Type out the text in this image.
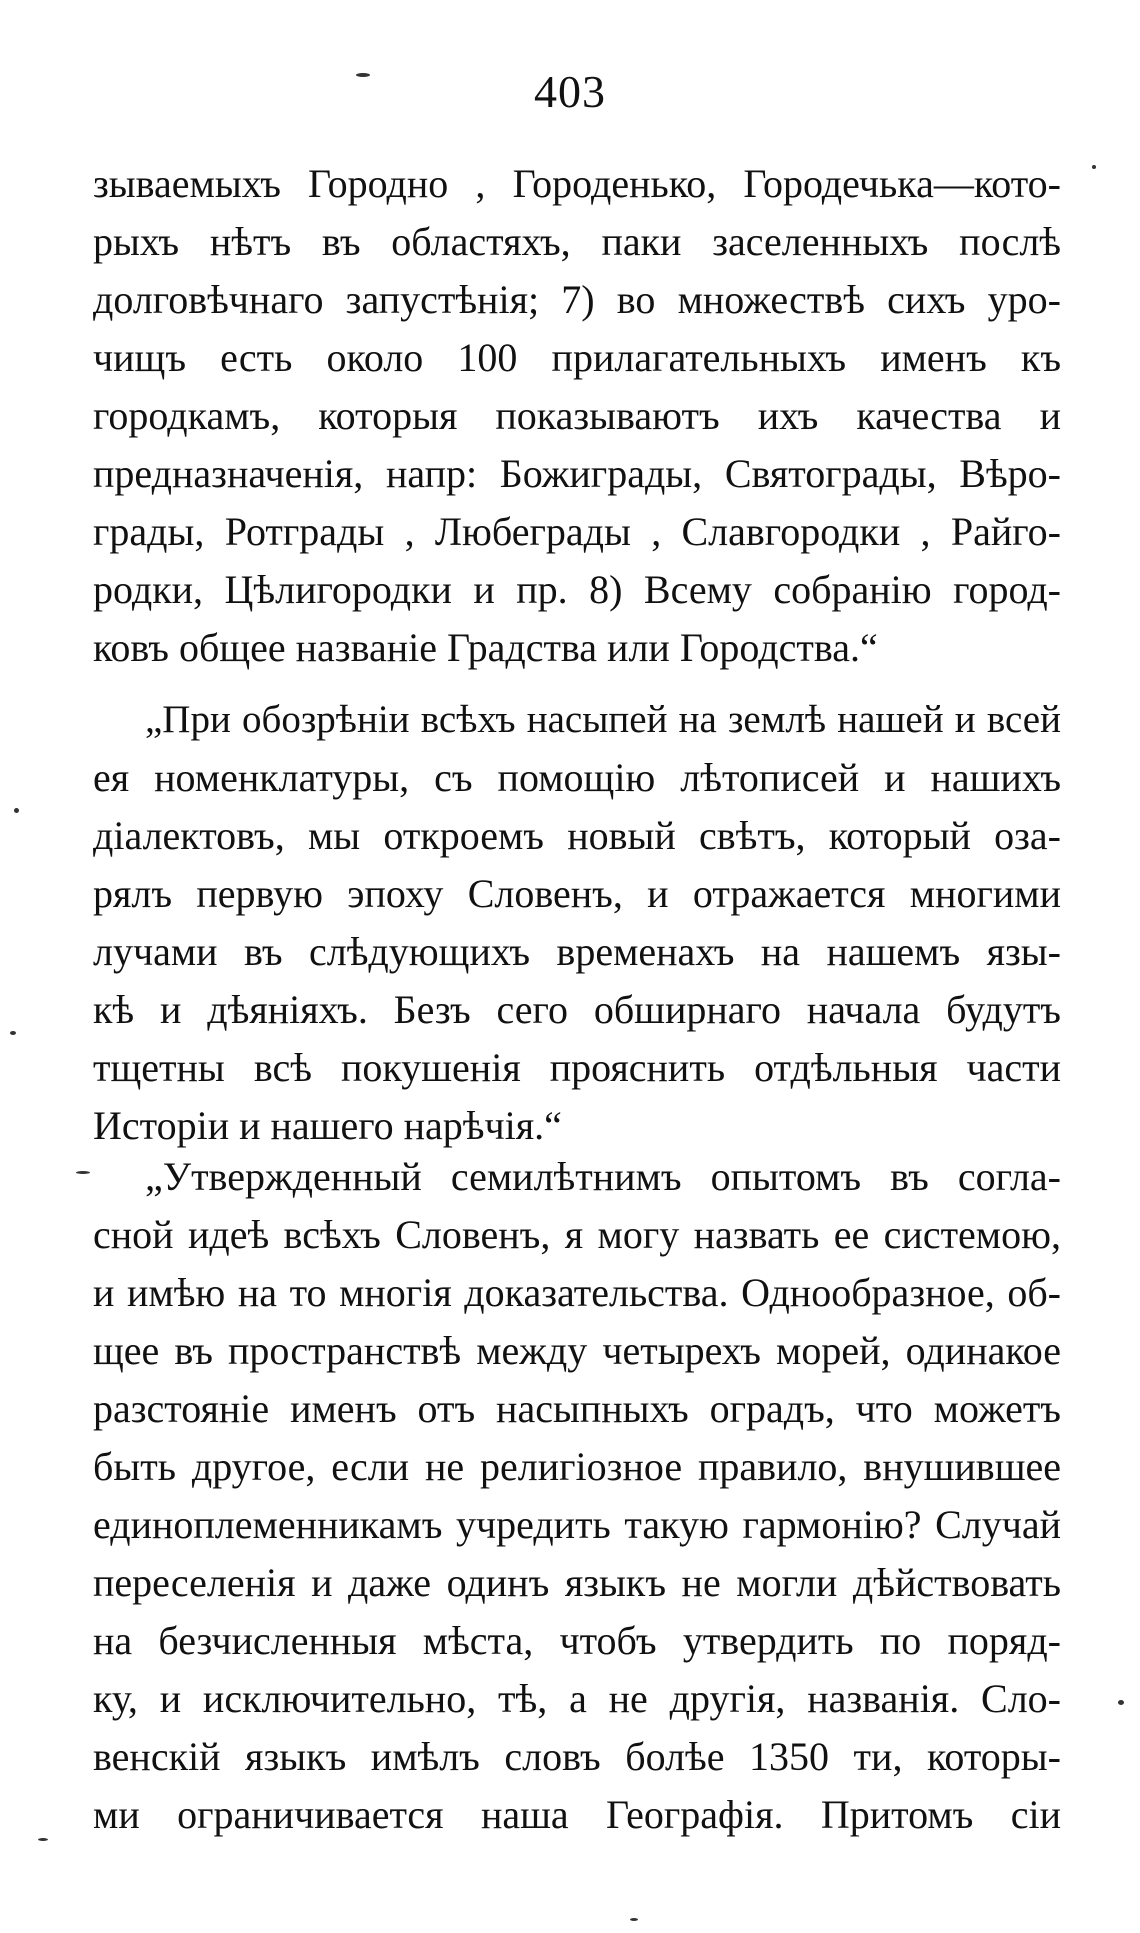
403
зываемыхъ Городно , Городенько, Городечька—кото-
рыхъ нѣтъ въ областяхъ, паки заселенныхъ послѣ
долговѣчнаго запустѣнія; 7) во множествѣ сихъ уро-
чищъ есть около 100 прилагательныхъ именъ къ
городкамъ, которыя показываютъ ихъ качества и
предназначенія, напр: Божиграды, Святограды, Вѣро-
грады, Ротграды , Любеграды , Славгородки , Райго-
родки, Цѣлигородки и пр. 8) Всему собранію город-
ковъ общее названіе Градства или Городства.“
„При обозрѣніи всѣхъ насыпей на землѣ нашей и всей
ея номенклатуры, съ помощію лѣтописей и нашихъ
діалектовъ, мы откроемъ новый свѣтъ, который оза-
рялъ первую эпоху Словенъ, и отражается многими
лучами въ слѣдующихъ временахъ на нашемъ язы-
кѣ и дѣяніяхъ. Безъ сего обширнаго начала будутъ
тщетны всѣ покушенія прояснить отдѣльныя части
Исторіи и нашего нарѣчія.“
„Утвержденный семилѣтнимъ опытомъ въ согла-
сной идеѣ всѣхъ Словенъ, я могу назвать ее системою,
и имѣю на то многія доказательства. Однообразное, об-
щее въ пространствѣ между четырехъ морей, одинакое
разстояніе именъ отъ насыпныхъ оградъ, что можетъ
быть другое, если не религіозное правило, внушившее
единоплеменникамъ учредить такую гармонію? Случай
переселенія и даже одинъ языкъ не могли дѣйствовать
на безчисленныя мѣста, чтобъ утвердить по поряд-
ку, и исключительно, тѣ, а не другія, названія. Сло-
венскій языкъ имѣлъ словъ болѣе 1350 ти, которы-
ми ограничивается наша Географія. Притомъ сіи
